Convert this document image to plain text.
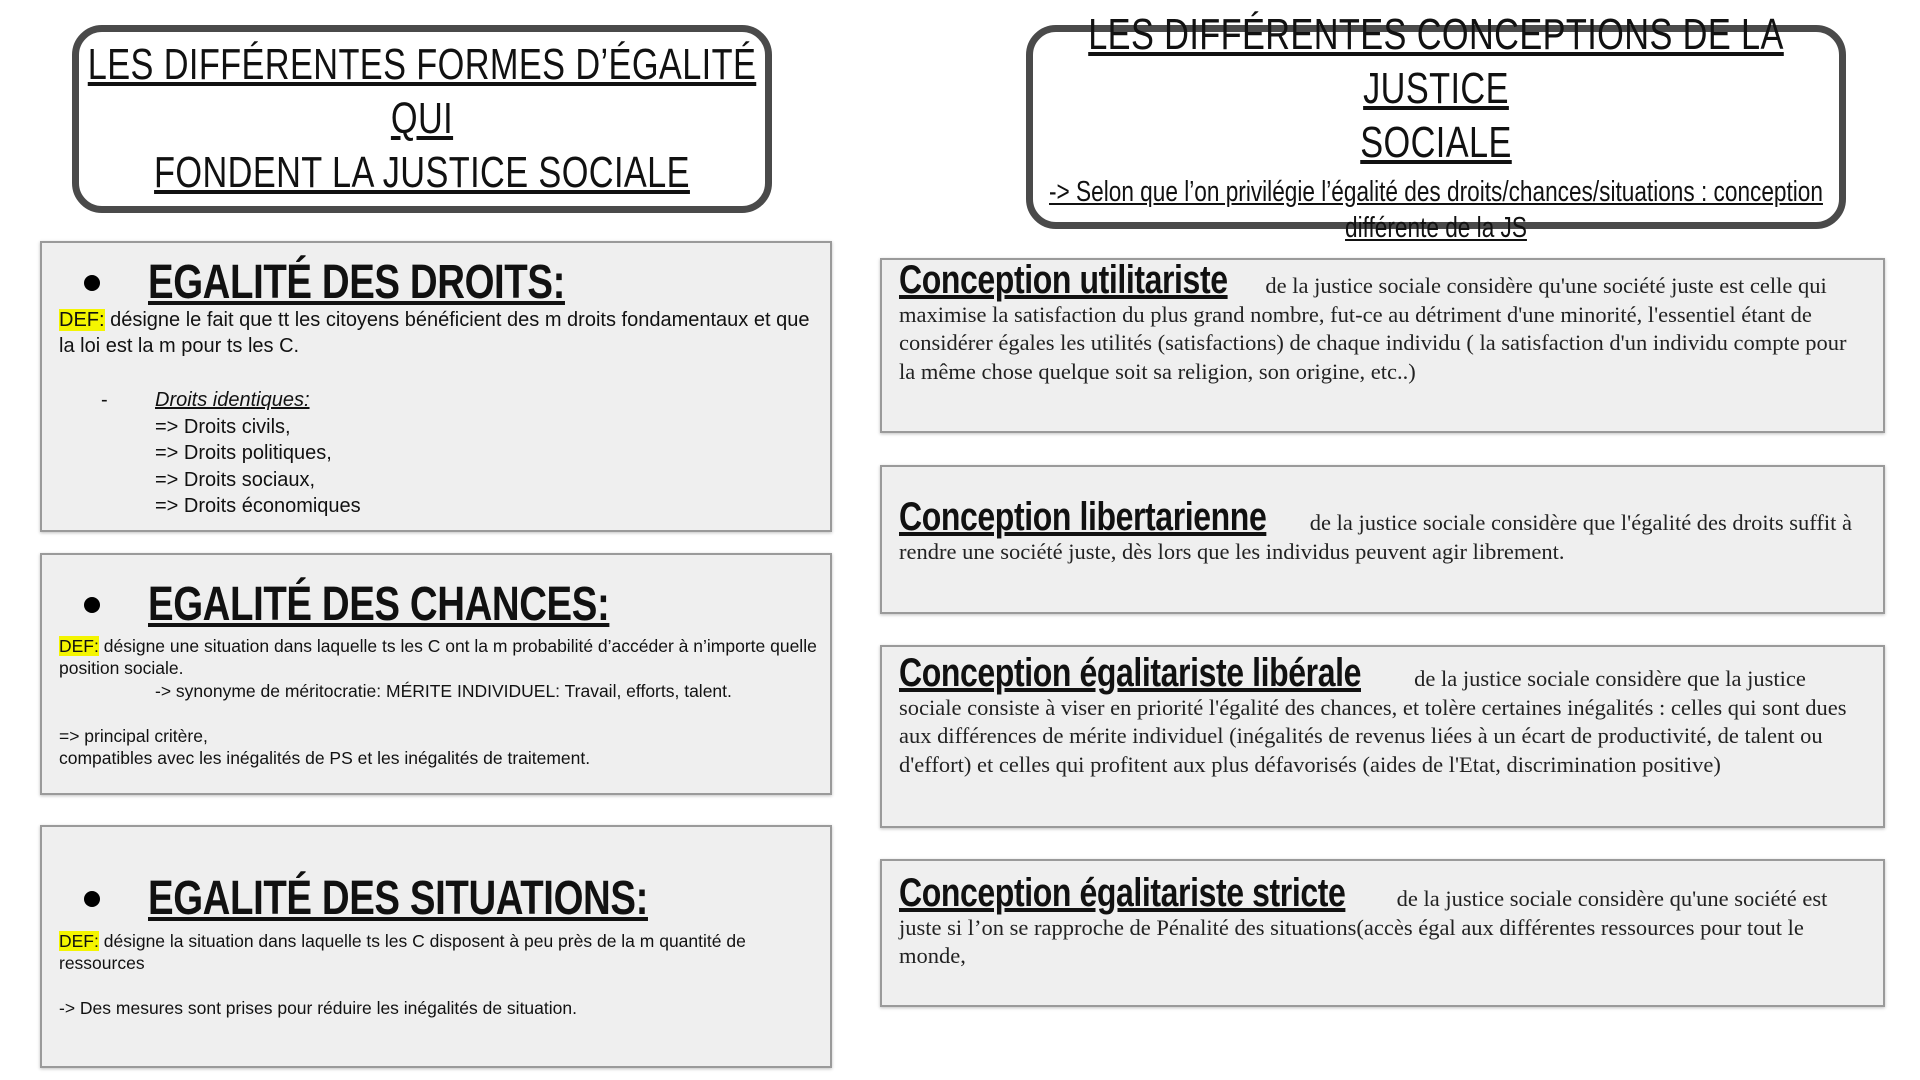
LES DIFFÉRENTES FORMES D’ÉGALITÉ QUI
FONDENT LA JUSTICE SOCIALE
LES DIFFÉRENTES CONCEPTIONS DE LA JUSTICE
SOCIALE
-> Selon que l’on privilégie l’égalité des droits/chances/situations : conception
différente de la JS
EGALITÉ DES DROITS:
DEF: désigne le fait que tt les citoyens bénéficient des m droits fondamentaux et que la loi est la m pour ts les C.
- Droits identiques:
=> Droits civils,
=> Droits politiques,
=> Droits sociaux,
=> Droits économiques
EGALITÉ DES CHANCES:
DEF: désigne une situation dans laquelle ts les C ont la m probabilité d’accéder à n’importe quelle position sociale.
-> synonyme de méritocratie: MÉRITE INDIVIDUEL: Travail, efforts, talent.
=> principal critère,
compatibles avec les inégalités de PS et les inégalités de traitement.
EGALITÉ DES SITUATIONS:
DEF: désigne la situation dans laquelle ts les C disposent à peu près de la m quantité de ressources
-> Des mesures sont prises pour réduire les inégalités de situation.
Conception utilitariste de la justice sociale considère qu'une société juste est celle qui maximise la satisfaction du plus grand nombre, fut-ce au détriment d'une minorité, l'essentiel étant de considérer égales les utilités (satisfactions) de chaque individu ( la satisfaction d'un individu compte pour la même chose quelque soit sa religion, son origine, etc..)
Conception libertarienne de la justice sociale considère que l'égalité des droits suffit à rendre une société juste, dès lors que les individus peuvent agir librement.
Conception égalitariste libérale de la justice sociale considère que la justice sociale consiste à viser en priorité l'égalité des chances, et tolère certaines inégalités : celles qui sont dues aux différences de mérite individuel (inégalités de revenus liées à un écart de productivité, de talent ou d'effort) et celles qui profitent aux plus défavorisés (aides de l'Etat, discrimination positive)
Conception égalitariste stricte de la justice sociale considère qu'une société est juste si l’on se rapproche de Pénalité des situations(accès égal aux différentes ressources pour tout le monde,
